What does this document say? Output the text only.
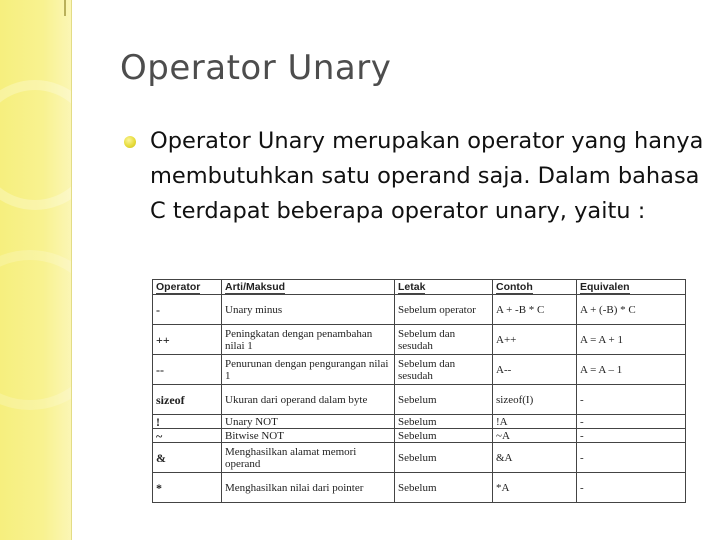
Operator Unary
Operator Unary merupakan operator yang hanya membutuhkan satu operand saja. Dalam bahasa C terdapat beberapa operator unary, yaitu :
Operator	Arti/Maksud	Letak	Contoh	Equivalen
-	Unary minus	Sebelum operator	A + -B * C	A + (-B) * C
++	Peningkatan dengan penambahan nilai 1	Sebelum dan sesudah	A++	A = A + 1
--	Penurunan dengan pengurangan nilai 1	Sebelum dan sesudah	A--	A = A – 1
sizeof	Ukuran dari operand dalam byte	Sebelum	sizeof(I)	-
!	Unary NOT	Sebelum	!A	-
~	Bitwise NOT	Sebelum	~A	-
&	Menghasilkan alamat memori operand	Sebelum	&A	-
*	Menghasilkan nilai dari pointer	Sebelum	*A	-
